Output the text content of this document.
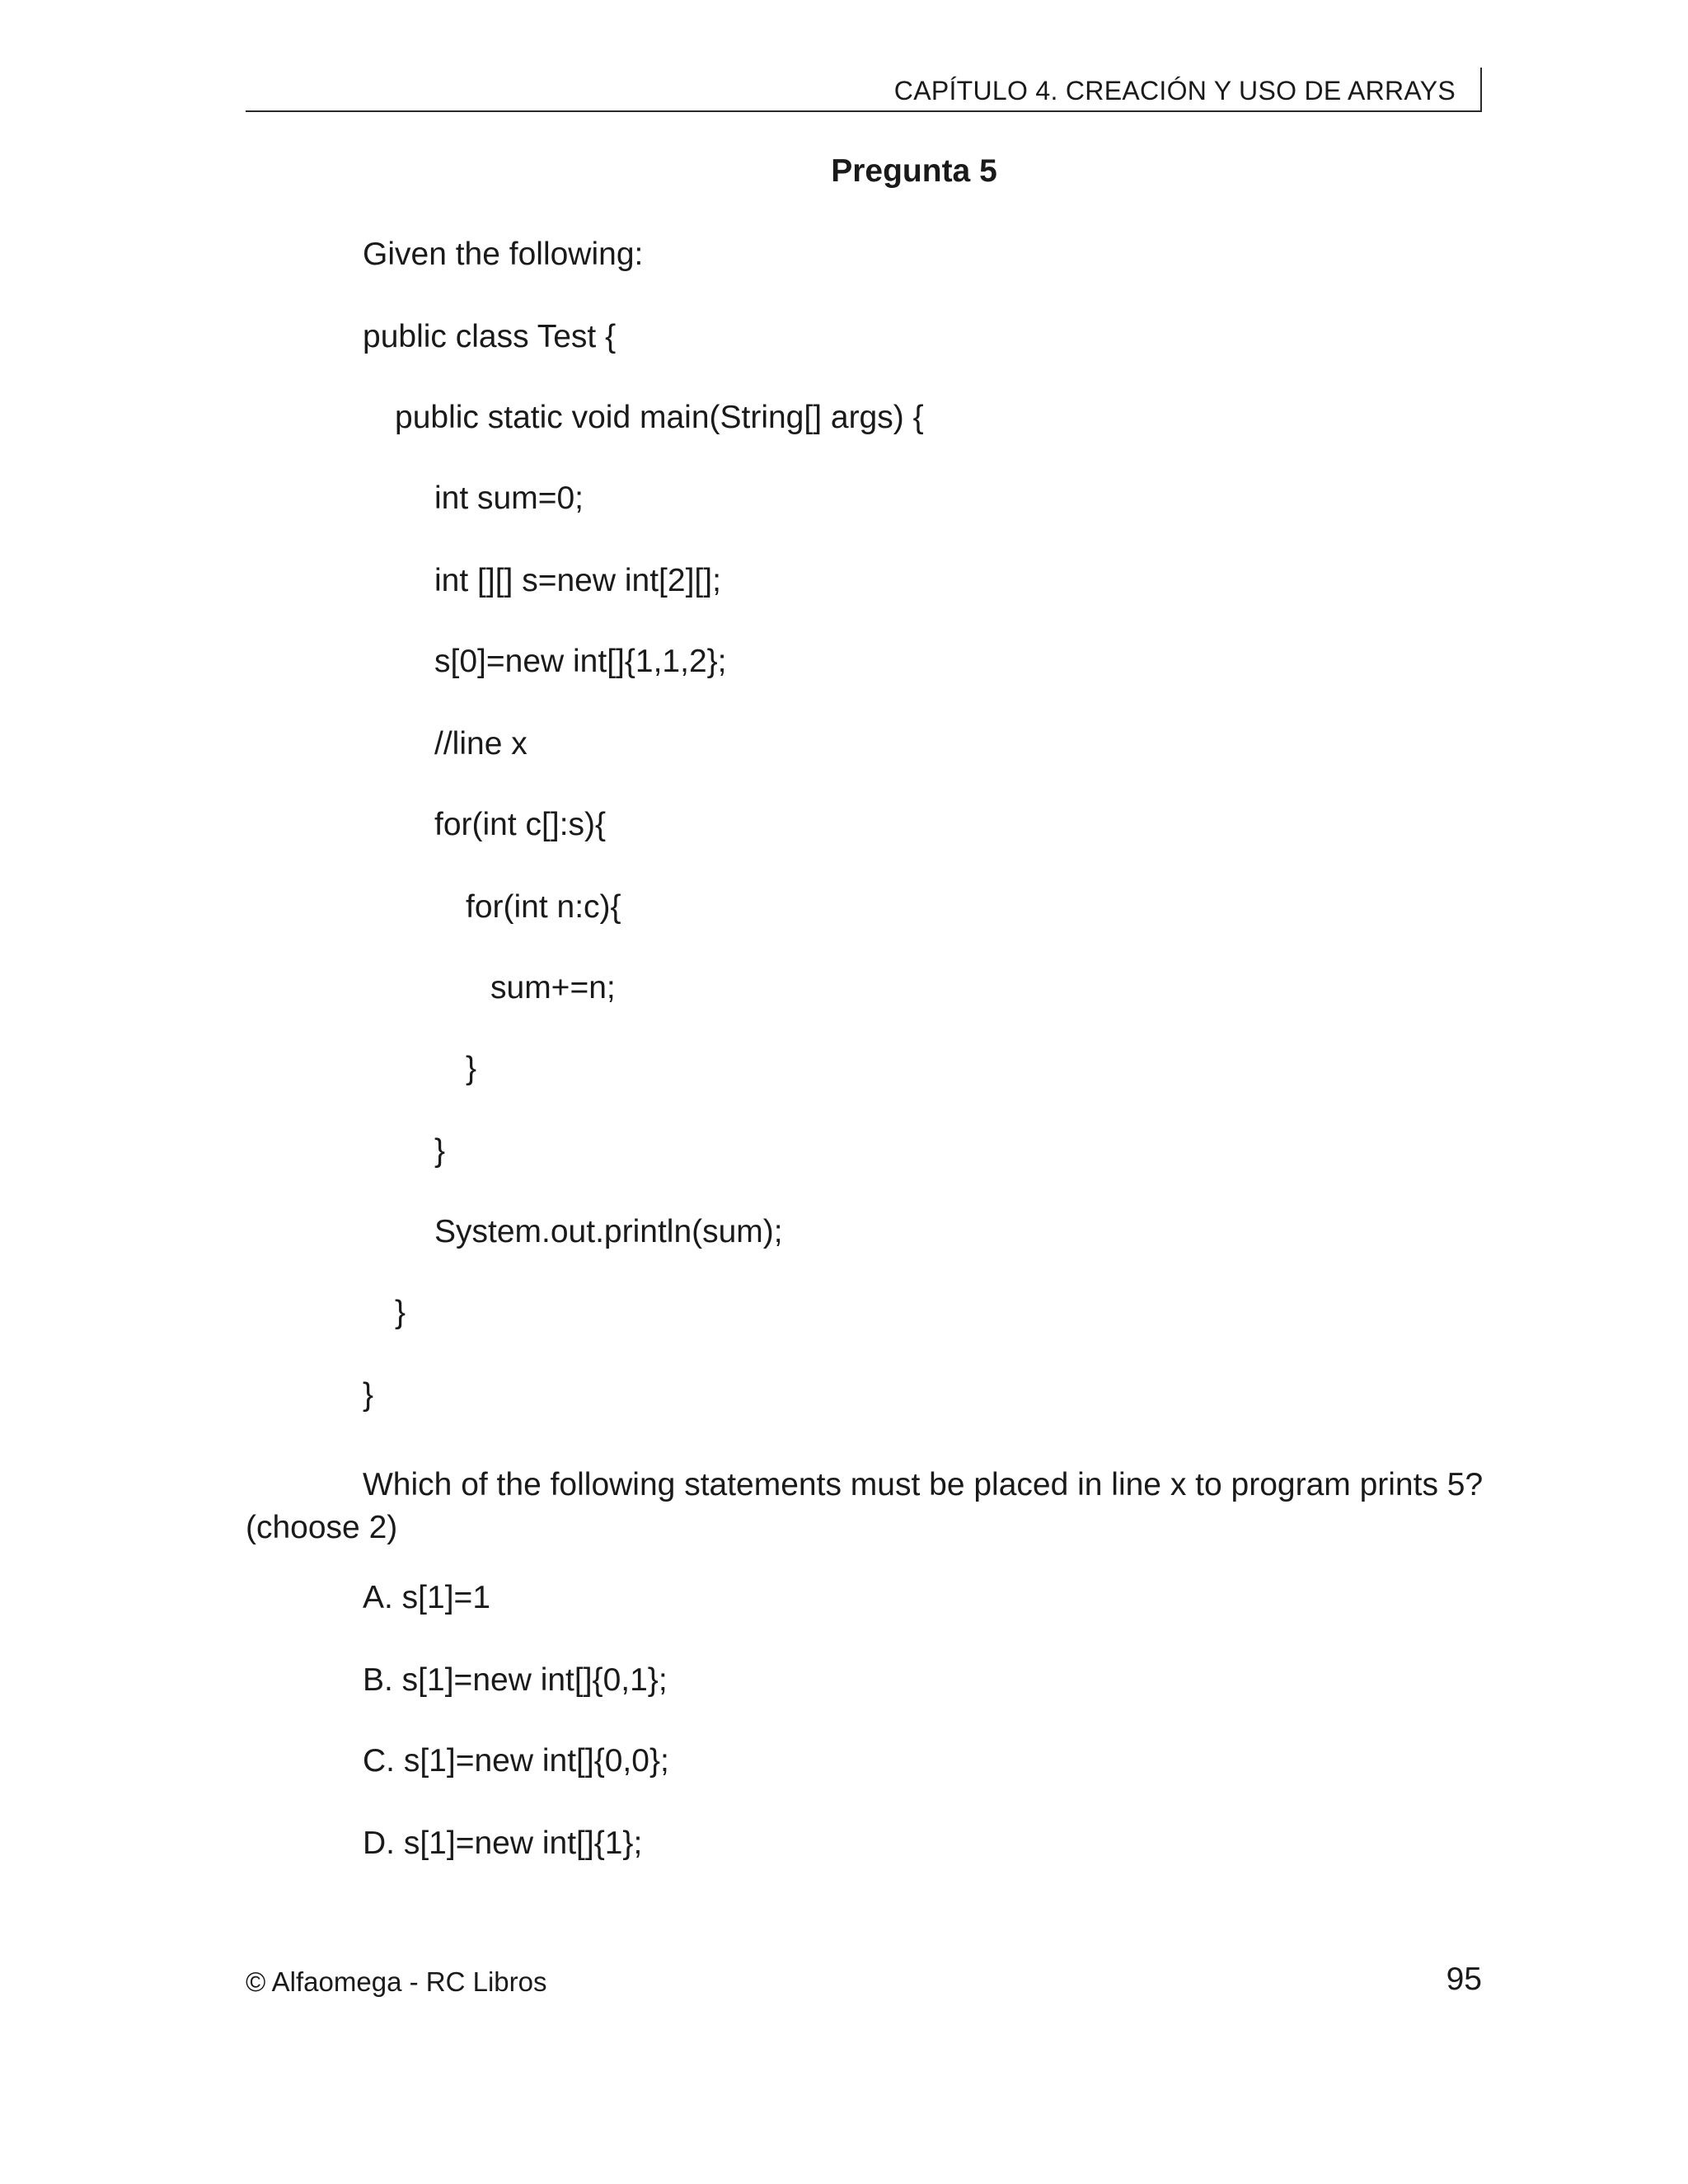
CAPÍTULO 4. CREACIÓN Y USO DE ARRAYS
Pregunta 5
Given the following:
public class Test {
public static void main(String[] args) {
int sum=0;
int [][] s=new int[2][];
s[0]=new int[]{1,1,2};
//line x
for(int c[]:s){
for(int n:c){
sum+=n;
}
}
System.out.println(sum);
}
}
Which of the following statements must be placed in line x to program prints 5?(choose 2)
A. s[1]=1
B. s[1]=new int[]{0,1};
C. s[1]=new int[]{0,0};
D. s[1]=new int[]{1};
© Alfaomega - RC Libros	95
